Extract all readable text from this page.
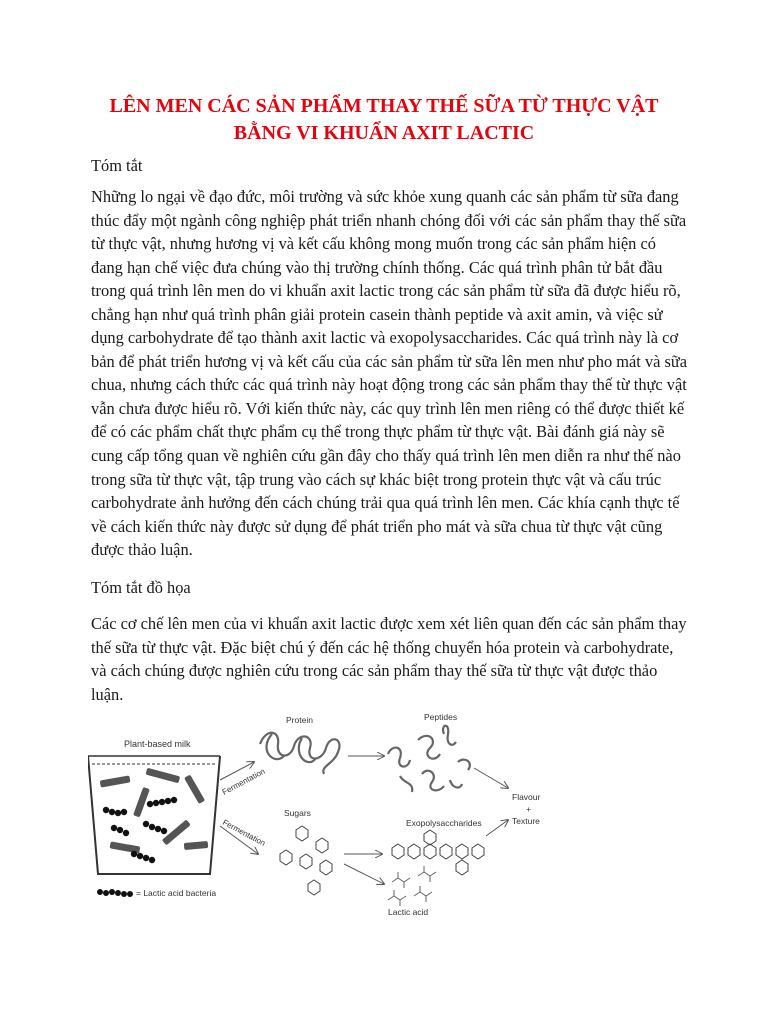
LÊN MEN CÁC SẢN PHẨM THAY THẾ SỮA TỪ THỰC VẬT
BẰNG VI KHUẨN AXIT LACTIC

Tóm tắt

Những lo ngại về đạo đức, môi trường và sức khỏe xung quanh các sản phẩm từ sữa đang thúc đẩy một ngành công nghiệp phát triển nhanh chóng đối với các sản phẩm thay thế sữa từ thực vật, nhưng hương vị và kết cấu không mong muốn trong các sản phẩm hiện có đang hạn chế việc đưa chúng vào thị trường chính thống. Các quá trình phân tử bắt đầu trong quá trình lên men do vi khuẩn axit lactic trong các sản phẩm từ sữa đã được hiểu rõ, chẳng hạn như quá trình phân giải protein casein thành peptide và axit amin, và việc sử dụng carbohydrate để tạo thành axit lactic và exopolysaccharides. Các quá trình này là cơ bản để phát triển hương vị và kết cấu của các sản phẩm từ sữa lên men như pho mát và sữa chua, nhưng cách thức các quá trình này hoạt động trong các sản phẩm thay thế từ thực vật vẫn chưa được hiểu rõ. Với kiến thức này, các quy trình lên men riêng có thể được thiết kế để có các phẩm chất thực phẩm cụ thể trong thực phẩm từ thực vật. Bài đánh giá này sẽ cung cấp tổng quan về nghiên cứu gần đây cho thấy quá trình lên men diễn ra như thế nào trong sữa từ thực vật, tập trung vào cách sự khác biệt trong protein thực vật và cấu trúc carbohydrate ảnh hưởng đến cách chúng trải qua quá trình lên men. Các khía cạnh thực tế về cách kiến thức này được sử dụng để phát triển pho mát và sữa chua từ thực vật cũng được thảo luận.

Tóm tắt đồ họa

Các cơ chế lên men của vi khuẩn axit lactic được xem xét liên quan đến các sản phẩm thay thế sữa từ thực vật. Đặc biệt chú ý đến các hệ thống chuyển hóa protein và carbohydrate, và cách chúng được nghiên cứu trong các sản phẩm thay thế sữa từ thực vật được thảo luận.

Plant-based milk
= Lactic acid bacteria
Fermentation
Fermentation
Protein	Peptides
Flavour
+
Texture
Sugars
Exopolysaccharides
Lactic acid
